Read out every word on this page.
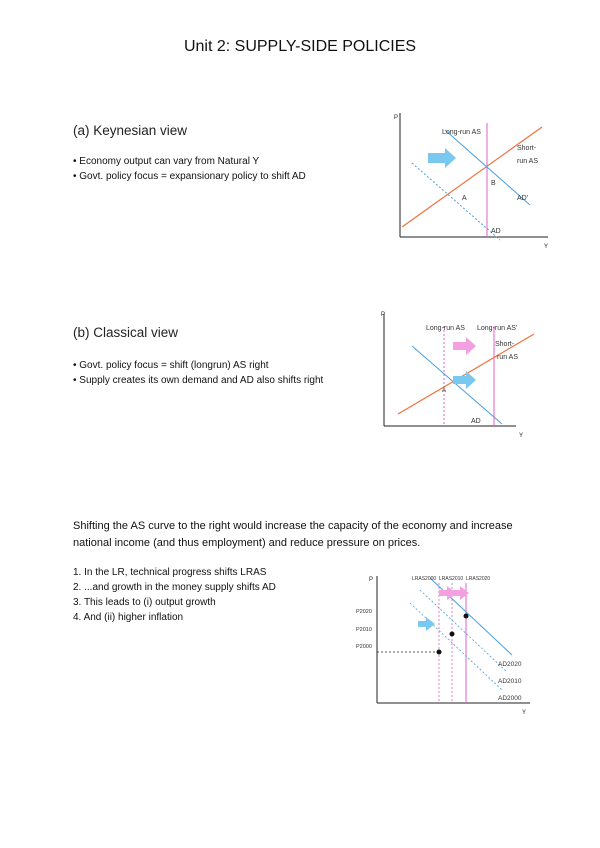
Unit 2: SUPPLY-SIDE POLICIES
(a) Keynesian view
• Economy output can vary from Natural Y
• Govt. policy focus = expansionary policy to shift AD
P
Y
Long-run AS
Short-
run AS
B
A	AD'
AD
(b) Classical view
• Govt. policy focus = shift (longrun) AS right
• Supply creates its own demand and AD also shifts right
P
Y
Long-run AS Long-run AS'
Short-
run AS
A
AD
Shifting the AS curve to the right would increase the capacity of the economy and increase national income (and thus employment) and reduce pressure on prices.
1. In the LR, technical progress shifts LRAS
2. ...and growth in the money supply shifts AD
3. This leads to (i) output growth
4. And (ii) higher inflation
P
Y
LRAS2000 LRAS2010 LRAS2020
P2020
P2010
P2000
AD2020
AD2010
AD2000
